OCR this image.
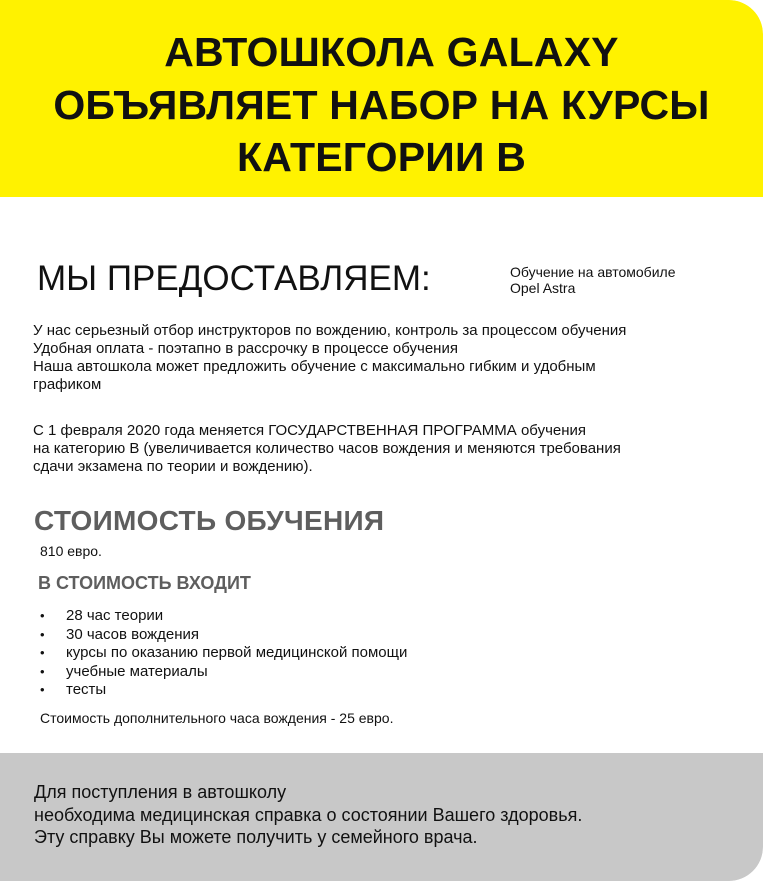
АВТОШКОЛА GALAXY
ОБЪЯВЛЯЕТ НАБОР НА КУРСЫ
КАТЕГОРИИ В
МЫ ПРЕДОСТАВЛЯЕМ:	Обучение на автомобиле
Opel Astra
У нас серьезный отбор инструкторов по вождению, контроль за процессом обучения
Удобная оплата - поэтапно в рассрочку в процессе обучения
Наша автошкола может предложить обучение с максимально гибким и удобным
графиком
С 1 февраля 2020 года меняется ГОСУДАРСТВЕННАЯ ПРОГРАММА обучения
на категорию В (увеличивается количество часов вождения и меняются требования
сдачи экзамена по теории и вождению).
СТОИМОСТЬ ОБУЧЕНИЯ
810 евро.
В СТОИМОСТЬ ВХОДИТ
• 28 час теории
• 30 часов вождения
• курсы по оказанию первой медицинской помощи
• учебные материалы
• тесты
Стоимость дополнительного часа вождения - 25 евро.

Для поступления в автошколу
необходима медицинская справка о состоянии Вашего здоровья.
Эту справку Вы можете получить у семейного врача.
